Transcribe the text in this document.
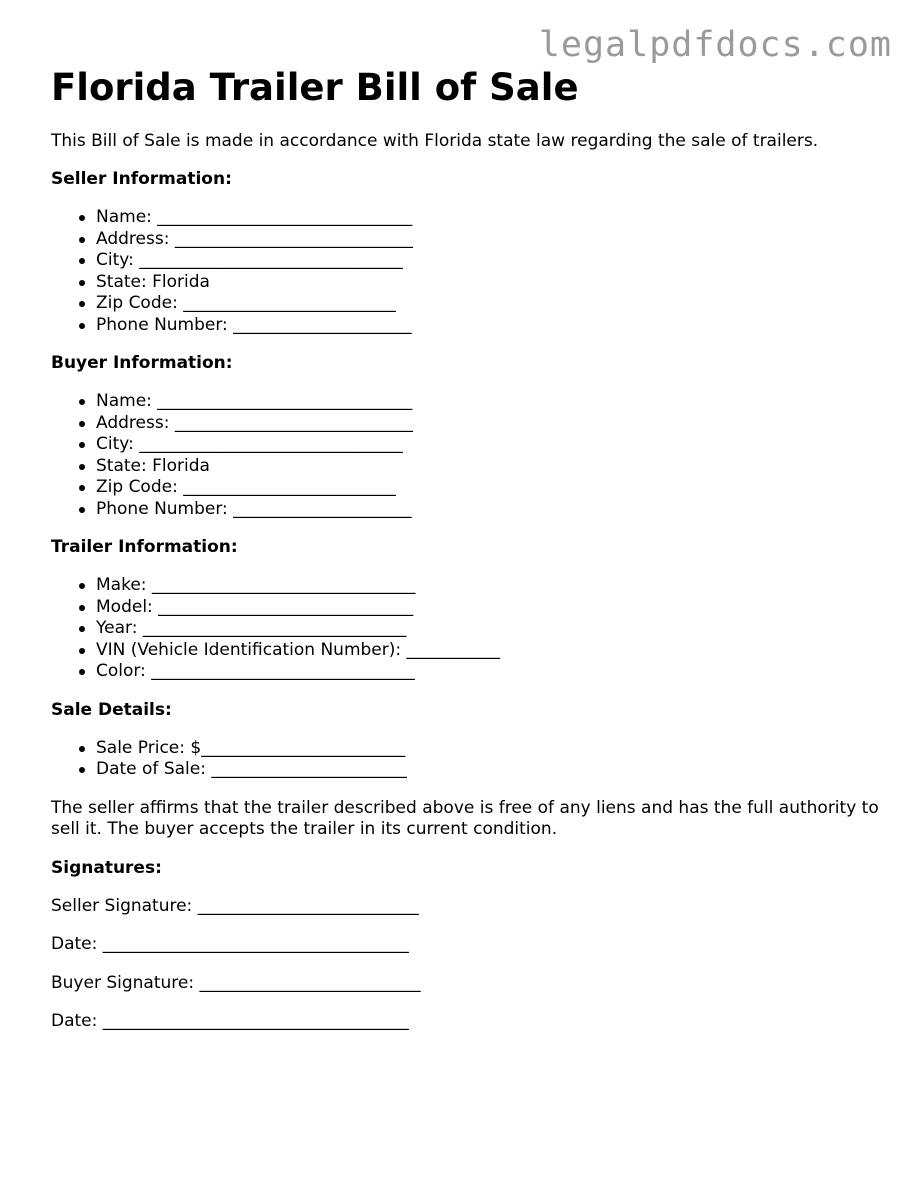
legalpdfdocs.com
Florida Trailer Bill of Sale

This Bill of Sale is made in accordance with Florida state law regarding the sale of trailers.

Seller Information:
Name: ______________________________
Address: ____________________________
City: _______________________________
State: Florida
Zip Code: _________________________
Phone Number: _____________________
Buyer Information:
Name: ______________________________
Address: ____________________________
City: _______________________________
State: Florida
Zip Code: _________________________
Phone Number: _____________________
Trailer Information:
Make: _______________________________
Model: ______________________________
Year: _______________________________
VIN (Vehicle Identification Number): ___________
Color: _______________________________
Sale Details:
Sale Price: $________________________
Date of Sale: _______________________

The seller affirms that the trailer described above is free of any liens and has the full authority to sell it. The buyer accepts the trailer in its current condition.

Signatures:

Seller Signature: __________________________

Date: ____________________________________

Buyer Signature: __________________________

Date: ____________________________________
